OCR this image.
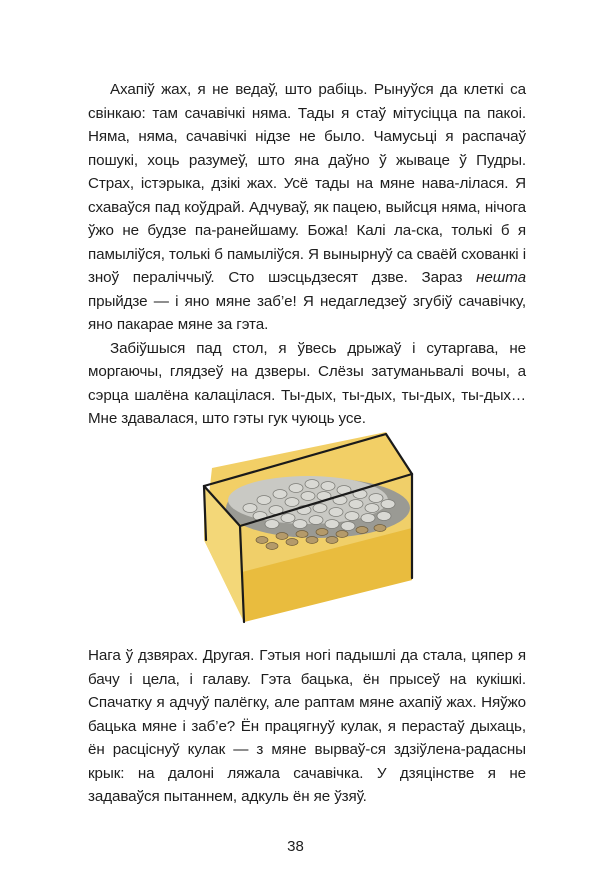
Ахапіў жах, я не ведаў, што рабіць. Рынуўся да клеткі са свінкаю: там сачавічкі няма. Тады я стаў мітусіцца па пакоі. Няма, няма, сачавічкі нідзе не было. Чамусьці я распачаў пошукі, хоць разумеў, што яна даўно ў жываце ў Пудры. Страх, істэрыка, дзікі жах. Усё тады на мяне нава-лілася. Я схаваўся пад коўдрай. Адчуваў, як пацею, выйсця няма, нічога ўжо не будзе па-ранейшаму. Божа! Калі ла-ска, толькі б я памыліўся, толькі б памыліўся. Я вынырнуў са сваёй схованкі і зноў пераліччыў. Сто шэсцьдзесят дзве. Зараз нешта прыйдзе — і яно мяне заб’е! Я недагледзеў згубіў сачавічку, яно пакарае мяне за гэта.

Забіўшыся пад стол, я ўвесь дрыжаў і сутаргава, не моргаючы, глядзеў на дзверы. Слёзы затуманьвалі вочы, а сэрца шалёна калацілася. Ты-дых, ты-дых, ты-дых, ты-дых… Мне здавалася, што гэты гук чуюць усе.

Нага ў дзвярах. Другая. Гэтыя ногі падышлі да стала, цяпер я бачу і цела, і галаву. Гэта бацька, ён прысеў на кукішкі. Спачатку я адчуў палёгку, але раптам мяне ахапіў жах. Няўжо бацька мяне і заб’е? Ён працягнуў кулак, я перастаў дыхаць, ён расціснуў кулак — з мяне вырваў-ся здзіўлена-радасны крык: на далоні ляжала сачавічка. У дзяцінстве я не задаваўся пытаннем, адкуль ён яе ўзяў.

38
